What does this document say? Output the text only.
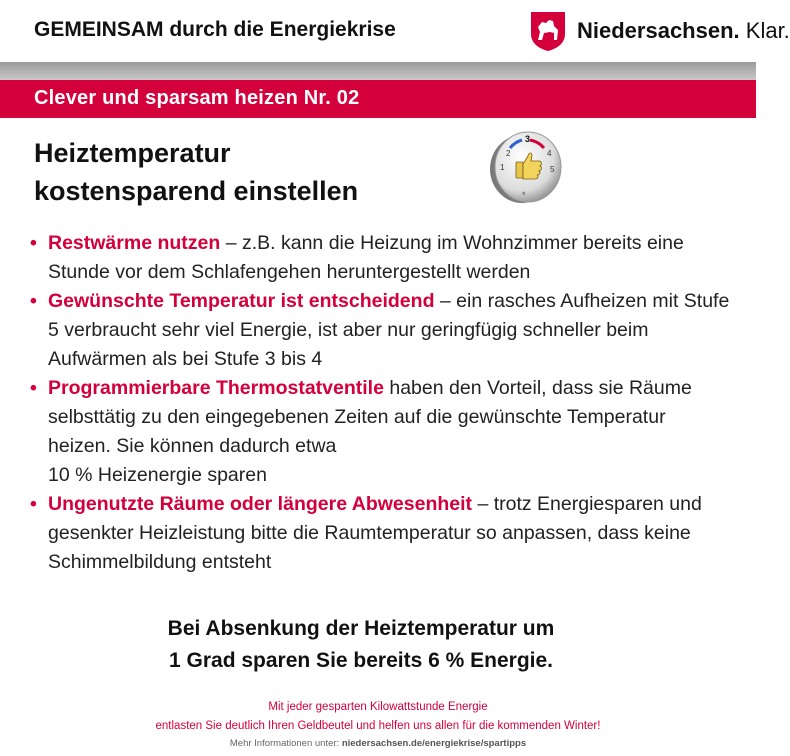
GEMEINSAM durch die Energiekrise	Niedersachsen. Klar.
Clever und sparsam heizen Nr. 02
Heiztemperatur
kostensparend einstellen
3
2
1
4
5
*
• Restwärme nutzen – z.B. kann die Heizung im Wohnzimmer bereits eine Stunde vor dem Schlafengehen heruntergestellt werden
• Gewünschte Temperatur ist entscheidend – ein rasches Aufheizen mit Stufe 5 verbraucht sehr viel Energie, ist aber nur geringfügig schneller beim Aufwärmen als bei Stufe 3 bis 4
• Programmierbare Thermostatventile haben den Vorteil, dass sie Räume selbsttätig zu den eingegebenen Zeiten auf die gewünschte Temperatur heizen. Sie können dadurch etwa
10 % Heizenergie sparen
• Ungenutzte Räume oder längere Abwesenheit – trotz Energiesparen und gesenkter Heizleistung bitte die Raumtemperatur so anpassen, dass keine Schimmelbildung entsteht
Bei Absenkung der Heiztemperatur um
1 Grad sparen Sie bereits 6 % Energie.
Mit jeder gesparten Kilowattstunde Energie
entlasten Sie deutlich Ihren Geldbeutel und helfen uns allen für die kommenden Winter!
Mehr Informationen unter: niedersachsen.de/energiekrise/spartipps
